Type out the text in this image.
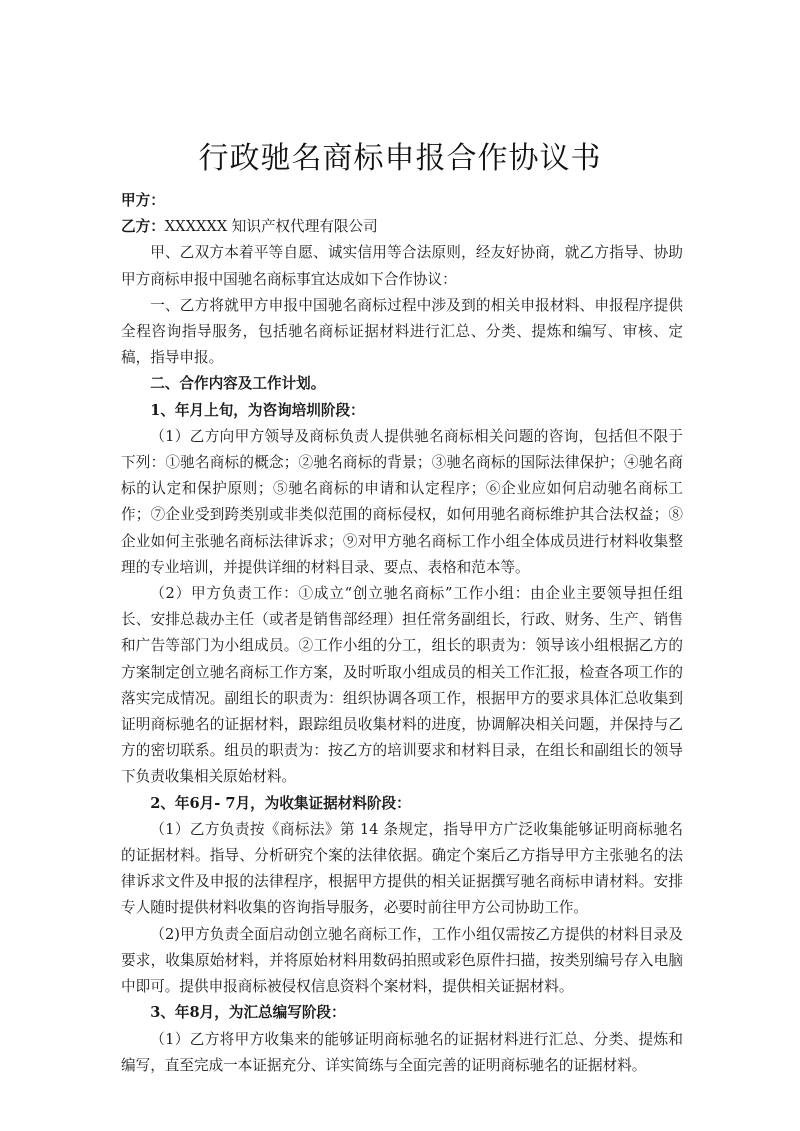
行政驰名商标申报合作协议书

甲方：

乙方：XXXXXX 知识产权代理有限公司

甲、乙双方本着平等自愿、诚实信用等合法原则，经友好协商，就乙方指导、协助甲方商标申报中国驰名商标事宜达成如下合作协议：

一、乙方将就甲方申报中国驰名商标过程中涉及到的相关申报材料、申报程序提供全程咨询指导服务，包括驰名商标证据材料进行汇总、分类、提炼和编写、审核、定稿，指导申报。

二、合作内容及工作计划。

1、年月上旬，为咨询培圳阶段：

（1）乙方向甲方领导及商标负责人提供驰名商标相关问题的咨询，包括但不限于下列：①驰名商标的概念；②驰名商标的背景；③驰名商标的国际法律保护；④驰名商标的认定和保护原则；⑤驰名商标的申请和认定程序；⑥企业应如何启动驰名商标工作；⑦企业受到跨类别或非类似范围的商标侵权，如何用驰名商标维护其合法权益；⑧企业如何主张驰名商标法律诉求；⑨对甲方驰名商标工作小组全体成员进行材料收集整理的专业培训，并提供详细的材料目录、要点、表格和范本等。

（2）甲方负责工作：①成立“创立驰名商标”工作小组：由企业主要领导担任组长、安排总裁办主任（或者是销售部经理）担任常务副组长，行政、财务、生产、销售和广告等部门为小组成员。②工作小组的分工，组长的职责为：领导该小组根据乙方的方案制定创立驰名商标工作方案，及时听取小组成员的相关工作汇报，检查各项工作的落实完成情况。副组长的职责为：组织协调各项工作，根据甲方的要求具体汇总收集到证明商标驰名的证据材料，跟踪组员收集材料的进度，协调解决相关问题，并保持与乙方的密切联系。组员的职责为：按乙方的培训要求和材料目录，在组长和副组长的领导下负责收集相关原始材料。

2、年6月- 7月，为收集证据材料阶段：

（1）乙方负责按《商标法》第 14 条规定，指导甲方广泛收集能够证明商标驰名的证据材料。指导、分析研究个案的法律依据。确定个案后乙方指导甲方主张驰名的法律诉求文件及申报的法律程序，根据甲方提供的相关证据撰写驰名商标申请材料。安排专人随时提供材料收集的咨询指导服务，必要时前往甲方公司协助工作。

（2)甲方负责全面启动创立驰名商标工作，工作小组仅需按乙方提供的材料目录及要求，收集原始材料，并将原始材料用数码拍照或彩色原件扫描，按类别编号存入电脑中即可。提供申报商标被侵权信息资料个案材料，提供相关证据材料。

3、年8月，为汇总编写阶段：

（1）乙方将甲方收集来的能够证明商标驰名的证据材料进行汇总、分类、提炼和编写，直至完成一本证据充分、详实简练与全面完善的证明商标驰名的证据材料。
